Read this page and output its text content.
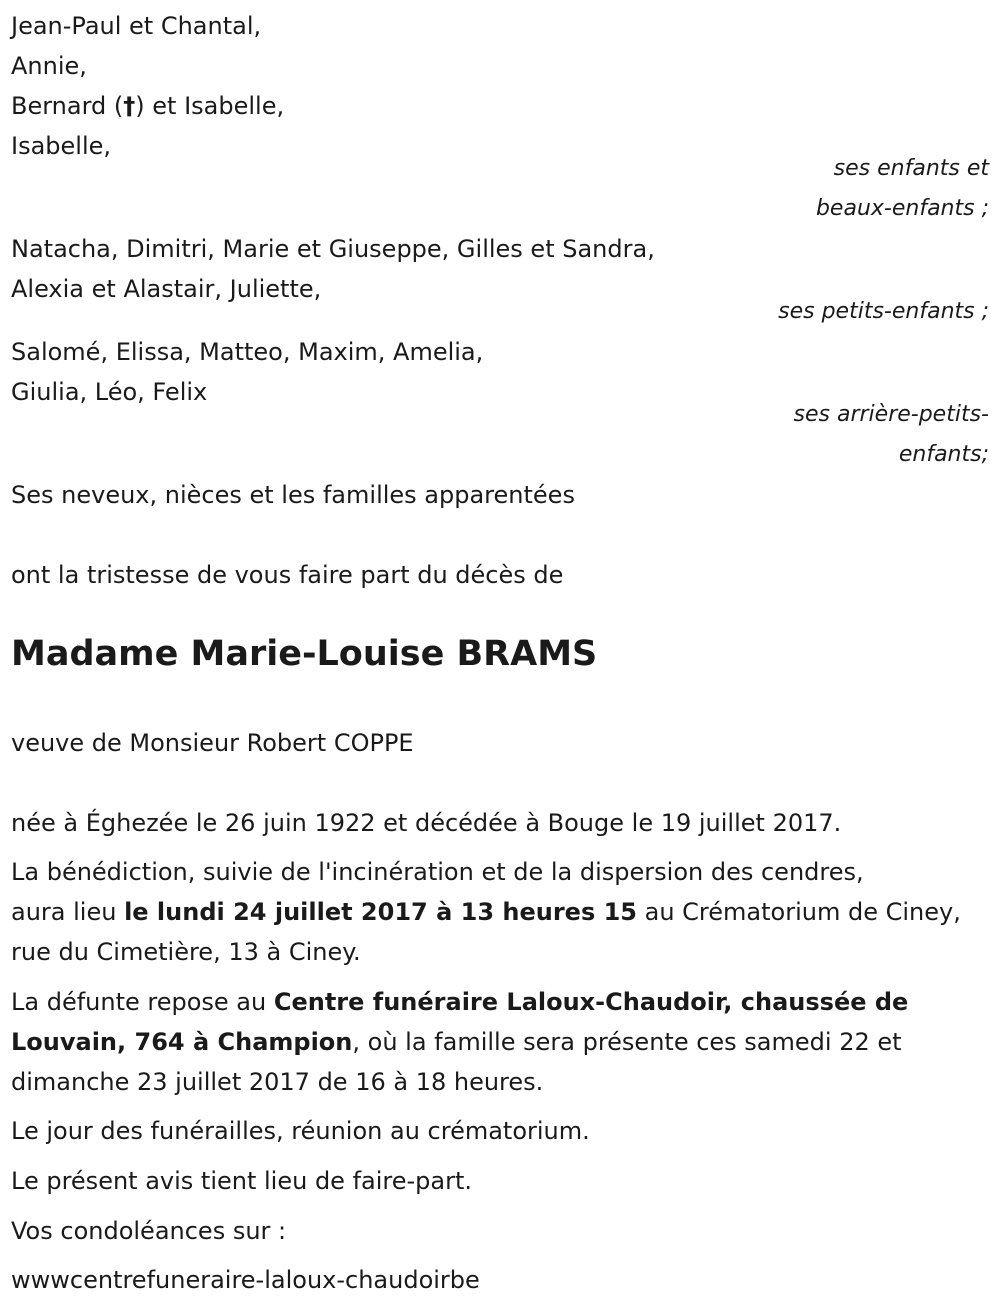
Jean-Paul et Chantal,
Annie,
Bernard (†) et Isabelle,
Isabelle,
ses enfants et
beaux-enfants ;
Natacha, Dimitri, Marie et Giuseppe, Gilles et Sandra,
Alexia et Alastair, Juliette,
ses petits-enfants ;
Salomé, Elissa, Matteo, Maxim, Amelia,
Giulia, Léo, Felix
ses arrière-petits-
enfants;
Ses neveux, nièces et les familles apparentées
ont la tristesse de vous faire part du décès de
Madame Marie-Louise BRAMS
veuve de Monsieur Robert COPPE
née à Éghezée le 26 juin 1922 et décédée à Bouge le 19 juillet 2017.
La bénédiction, suivie de l'incinération et de la dispersion des cendres,
aura lieu le lundi 24 juillet 2017 à 13 heures 15 au Crématorium de Ciney,
rue du Cimetière, 13 à Ciney.
La défunte repose au Centre funéraire Laloux-Chaudoir, chaussée de
Louvain, 764 à Champion, où la famille sera présente ces samedi 22 et
dimanche 23 juillet 2017 de 16 à 18 heures.
Le jour des funérailles, réunion au crématorium.
Le présent avis tient lieu de faire-part.
Vos condoléances sur :
wwwcentrefuneraire-laloux-chaudoirbe
